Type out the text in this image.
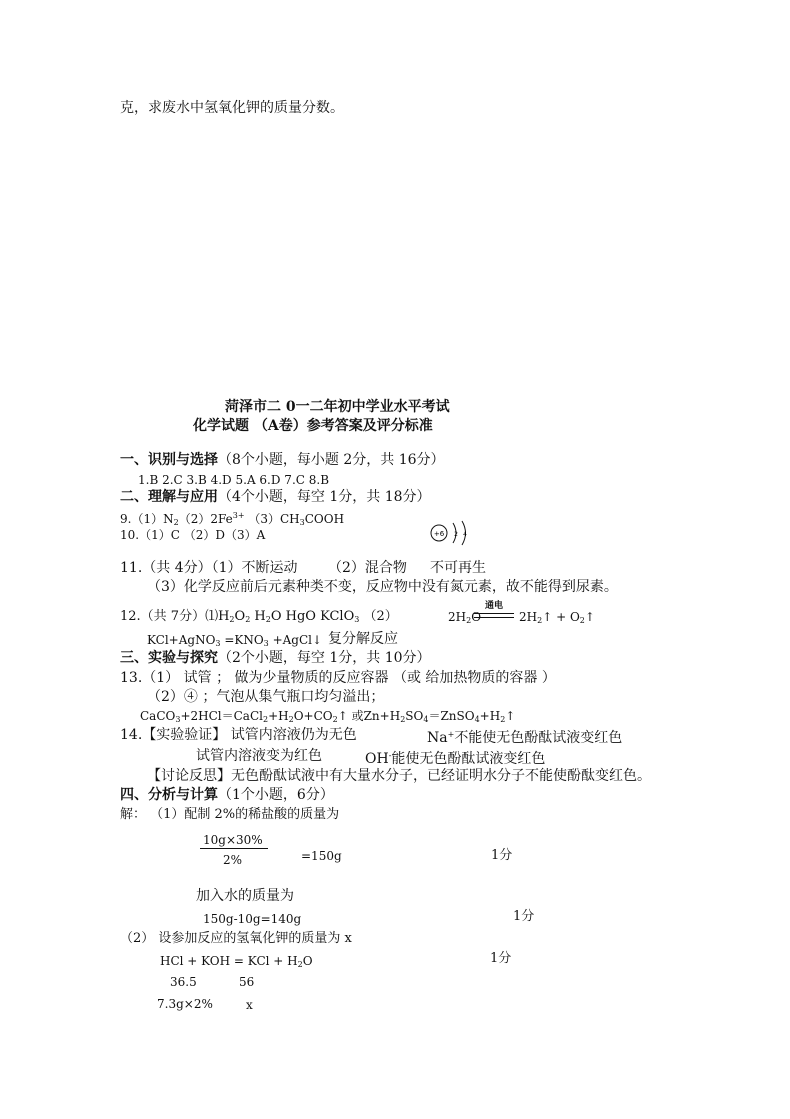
克，求废水中氢氧化钾的质量分数。
菏泽市二 0一二年初中学业水平考试
化学试题 （A卷）参考答案及评分标准
一、识别与选择（8个小题，每小题 2分，共 16分）
1.B 2.C 3.B 4.D 5.A 6.D 7.C 8.B
二、理解与应用（4个小题，每空 1分，共 18分）
$9.(1)N_2(2)2Fe^{3+}$ $(3)CH_3COOH$
10.（1）C （2）D（3）A	+6 2 4
11.（共 4分）（1）不断运动 （2）混合物 不可再生
（3）化学反应前后元素种类不变，反应物中没有氮元素，故不能得到尿素。
12.（共 7分）$⑴H_2O_2$ $H_2O$ HgO KClO$_3$ （2）	$2H_2O$
通电
$2H_2↑$ + $O_2↑$
KCl+AgNO$_3$ $=KNO_3$ +AgCl↓ 复分解反应
三、实验与探究（2个小题，每空 1分，共 10分）
13.（1） 试管 ； 做为少量物质的反应容器 （或 给加热物质的容器 ）
（2）④ ；气泡从集气瓶口均匀溢出；
$CaCO_3+2HCl=CaCl_2+H_2O+CO_2↑$ 或$Zn+H_2SO_4=ZnSO_4+H_2↑$
14.【实验验证】 试管内溶液仍为无色	Na+不能使无色酚酞试液变红色
试管内溶液变为红色	OH-能使无色酚酞试液变红色
【讨论反思】无色酚酞试液中有大量水分子，已经证明水分子不能使酚酞变红色。
四、分析与计算（1个小题，6分）
解： （1）配制 2%的稀盐酸的质量为
10g×30%
2%	=150g	1分
加入水的质量为
150g-10g=140g	1分
（2） 设参加反应的氢氧化钾的质量为 x
HCl + KOH = KCl + $H_2O$	1分
36.5	56
7.3g×2%	x
